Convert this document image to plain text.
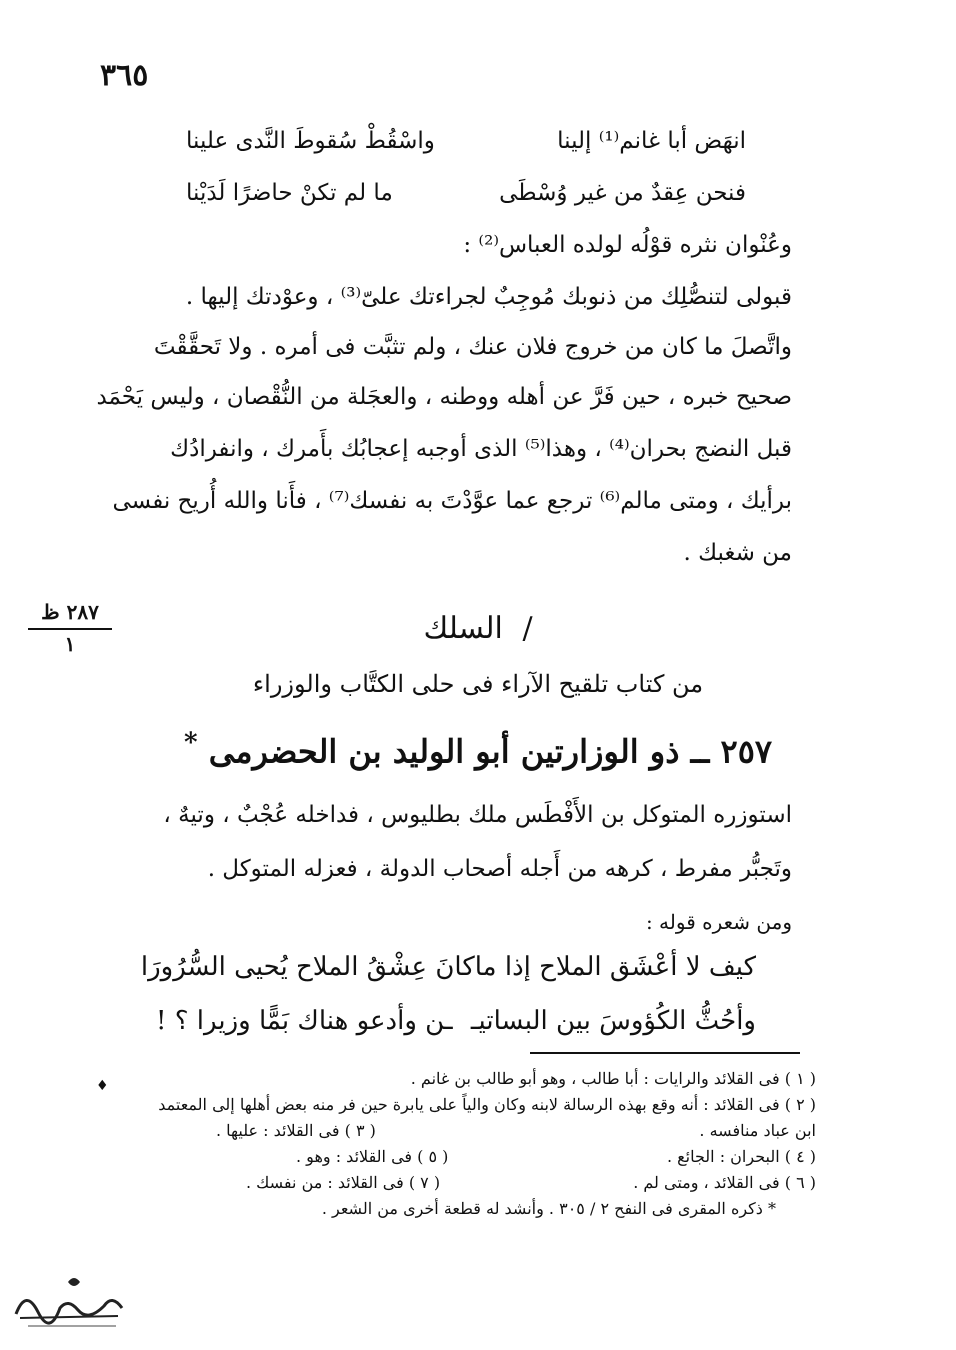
٣٦٥
انهَض أبا غانم⁽¹⁾ إلينا
واسْقُطْ سُقوطَ النَّدى علينا
فنحن عِقدٌ من غير وُسْطَى
ما لم تكنْ حاضرًا لَدَيْنا
وعُنْوان نثره قوْلُه لولده العباس⁽²⁾ :
قبولى لتنصُّلِك من ذنوبك مُوجِبٌ لجراءتك علىّ⁽³⁾ ، وعوْدتك إليها .
واتَّصلَ ما كان من خروج فلان عنك ، ولم تثبَّت فى أمره . ولا تَحقَّقْتَ
صحيح خبره ، حين فَرَّ عن أهله ووطنه ، والعجَلة من النُّقْصان ، وليس يَحْمَد
قبل النضج بحران⁽⁴⁾ ، وهذا⁽⁵⁾ الذى أوجبه إعجابُك بأَمرك ، وانفرادُك
برأيك ، ومتى مالم⁽⁶⁾ ترجع عما عوَّدْتَ به نفسك⁽⁷⁾ ، فأَنا والله أُريح نفسى
من شغبك .
٢٨٧ ظ
١	/ السلك
من كتاب تلقيح الآراء فى حلى الكتَّاب والوزراء
٢٥٧ ــ ذو الوزارتين أبو الوليد بن الحضرمى *
استوزره المتوكل بن الأَفْطَس ملك بطليوس ، فداخله عُجْبٌ ، وتيهٌ ،
وتَجبُّر مفرط ، كرهه من أَجله أصحاب الدولة ، فعزله المتوكل .
ومن شعره قوله :
كيف لا أعْشَق الملاح إذا ما
كانَ عِشْقُ الملاح يُحيى السُّرُورَا
وأحُثُّ الكُؤوسَ بين البساتيـ
ـن وأدعو هناك بَمًّا وزيرا ؟ !
♦	( ١ ) فى القلائد والرايات : أبا طالب ، وهو أبو طالب بن غانم .
( ٢ ) فى القلائد : أنه وقع بهذه الرسالة لابنه وكان والياً على يابرة حين فر منه بعض أهلها إلى المعتمد
ابن عباد منافسه .
( ٣ ) فى القلائد : عليها .
( ٤ ) البحران : الجائع .
( ٥ ) فى القلائد : وهو .
( ٦ ) فى القلائد ، ومتى لم .
( ٧ ) فى القلائد : من نفسك .
* ذكره المقرى فى النفح ٢ / ٣٠٥ . وأنشد له قطعة أخرى من الشعر .
